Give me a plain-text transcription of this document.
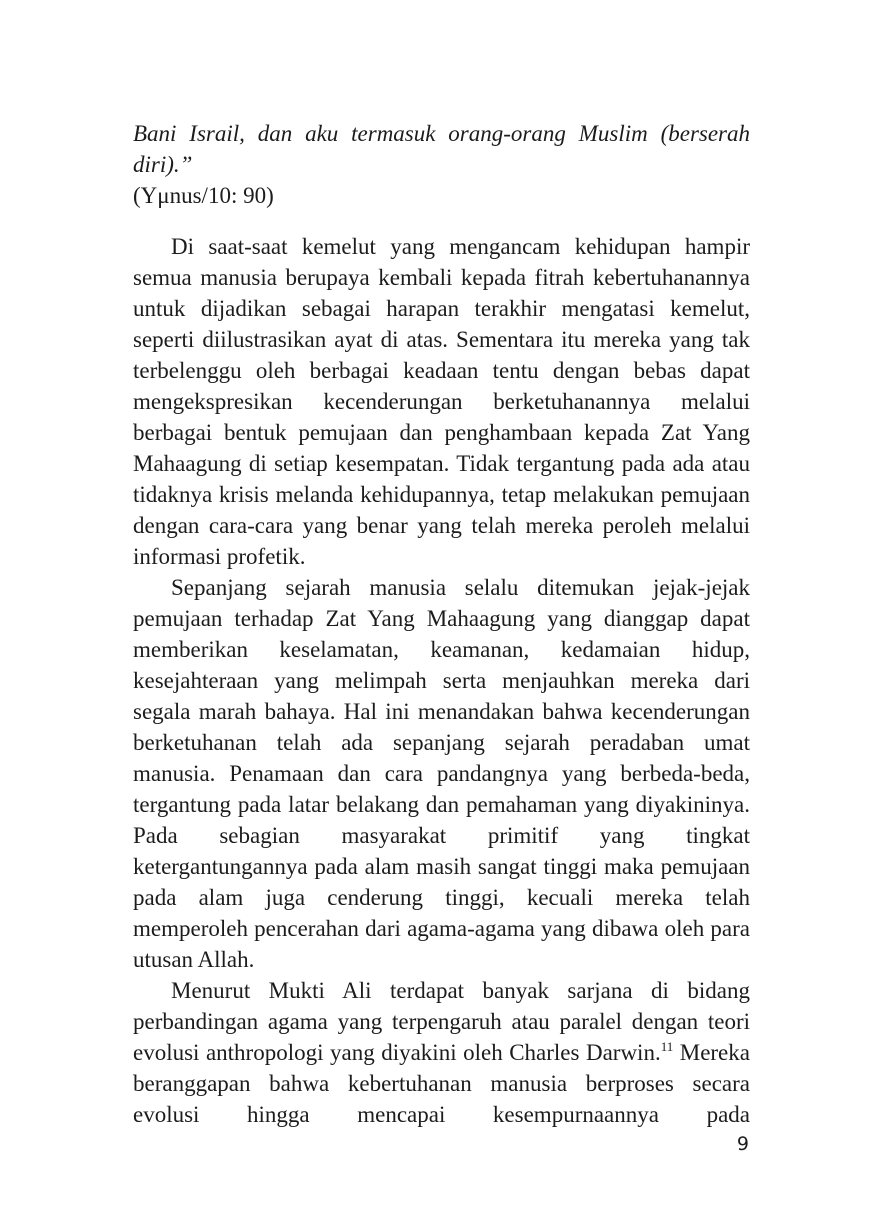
Bani Israil, dan aku termasuk orang-orang Muslim (berserah diri).”

(Yμnus/10: 90)

Di saat-saat kemelut yang mengancam kehidupan hampir semua manusia berupaya kembali kepada fitrah kebertuhanannya untuk dijadikan sebagai harapan terakhir mengatasi kemelut, seperti diilustrasikan ayat di atas. Sementara itu mereka yang tak terbelenggu oleh berbagai keadaan tentu dengan bebas dapat mengekspresikan kecenderungan berketuhanannya melalui berbagai bentuk pemujaan dan penghambaan kepada Zat Yang Mahaagung di setiap kesempatan. Tidak tergantung pada ada atau tidaknya krisis melanda kehidupannya, tetap melakukan pemujaan dengan cara-cara yang benar yang telah mereka peroleh melalui informasi profetik.

Sepanjang sejarah manusia selalu ditemukan jejak-jejak pemujaan terhadap Zat Yang Mahaagung yang dianggap dapat memberikan keselamatan, keamanan, kedamaian hidup, kesejahteraan yang melimpah serta menjauhkan mereka dari segala marah bahaya. Hal ini menandakan bahwa kecenderungan berketuhanan telah ada sepanjang sejarah peradaban umat manusia. Penamaan dan cara pandangnya yang berbeda-beda, tergantung pada latar belakang dan pemahaman yang diyakininya. Pada sebagian masyarakat primitif yang tingkat ketergantungannya pada alam masih sangat tinggi maka pemujaan pada alam juga cenderung tinggi, kecuali mereka telah memperoleh pencerahan dari agama-agama yang dibawa oleh para utusan Allah.

Menurut Mukti Ali terdapat banyak sarjana di bidang perbandingan agama yang terpengaruh atau paralel dengan teori evolusi anthropologi yang diyakini oleh Charles Darwin.$^{11}$ Mereka beranggapan bahwa kebertuhanan manusia berproses secara evolusi hingga mencapai kesempurnaannya pada

9
